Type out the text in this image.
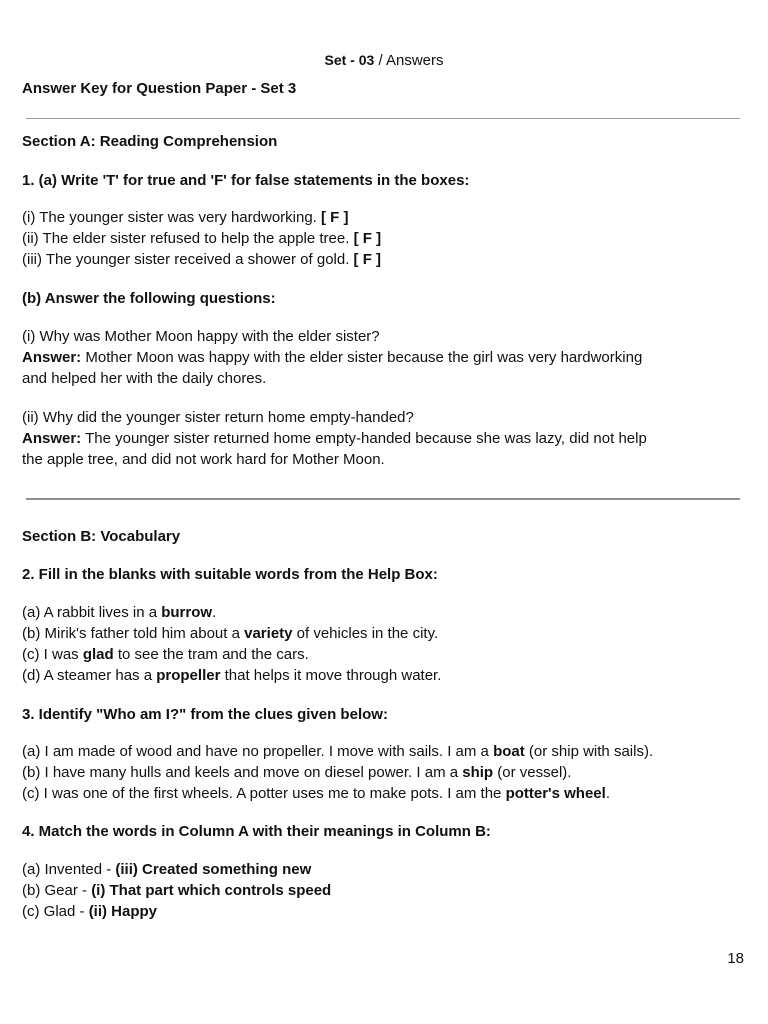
Set - 03 / Answers
Answer Key for Question Paper - Set 3
Section A: Reading Comprehension
1. (a) Write 'T' for true and 'F' for false statements in the boxes:
(i) The younger sister was very hardworking. [ F ]
(ii) The elder sister refused to help the apple tree. [ F ]
(iii) The younger sister received a shower of gold. [ F ]
(b) Answer the following questions:
(i) Why was Mother Moon happy with the elder sister?
Answer: Mother Moon was happy with the elder sister because the girl was very hardworking
and helped her with the daily chores.
(ii) Why did the younger sister return home empty-handed?
Answer: The younger sister returned home empty-handed because she was lazy, did not help
the apple tree, and did not work hard for Mother Moon.
Section B: Vocabulary
2. Fill in the blanks with suitable words from the Help Box:
(a) A rabbit lives in a burrow.
(b) Mirik's father told him about a variety of vehicles in the city.
(c) I was glad to see the tram and the cars.
(d) A steamer has a propeller that helps it move through water.
3. Identify "Who am I?" from the clues given below:
(a) I am made of wood and have no propeller. I move with sails. I am a boat (or ship with sails).
(b) I have many hulls and keels and move on diesel power. I am a ship (or vessel).
(c) I was one of the first wheels. A potter uses me to make pots. I am the potter's wheel.
4. Match the words in Column A with their meanings in Column B:
(a) Invented - (iii) Created something new
(b) Gear - (i) That part which controls speed
(c) Glad - (ii) Happy
18
